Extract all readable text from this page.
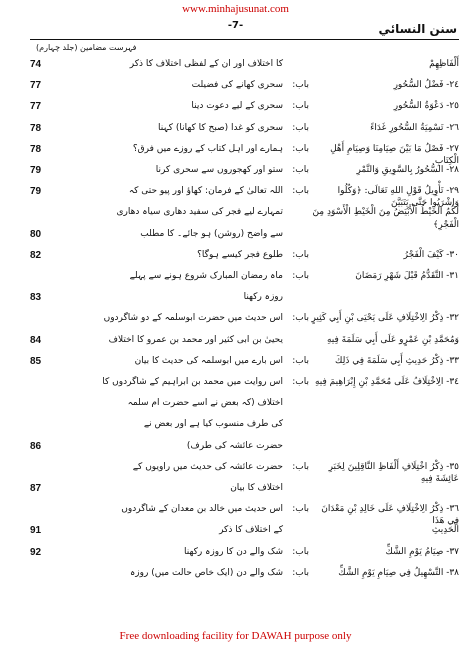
www.minhajusunat.com
-7-	سنن النسائي
فہرست مضامین (جلد چہارم)
أَلْفَاظِهِمْ
کا اختلاف اور ان کے لفظی اختلاف کا ذکر
74
٢٤- فَضْلُ السُّحُورِ
باب:
سحری کھانے کی فضیلت
77
٢٥- دَعْوَةُ السُّحُورِ
باب:
سحری کے لیے دعوت دینا
77
٢٦- تَسْمِيَةُ السُّحُورِ غَدَاءً
باب:
سحری کو غدا (صبح کا کھانا) کہنا
78
٢٧- فَصْلُ مَا بَيْنَ صِيَامِنَا وَصِيَامِ أَهْلِ الْكِتَابِ
باب:
ہمارے اور اہل کتاب کے روزے میں فرق؟
78
٢٨- السُّحُورُ بِالسَّوِيقِ وَالتَّمْرِ
باب:
ستو اور کھجوروں سے سحری کرنا
79
٢٩- تَأْوِيلُ قَوْلِ اللهِ تَعَالَى: ﴿وَكُلُوا وَاشْرَبُوا حَتَّى يَتَبَيَّنَ
باب:
اللہ تعالیٰ کے فرمان: کھاؤ اور پیو حتی کہ
79
لَكُمُ الْخَيْطُ الْأَبْيَضُ مِنَ الْخَيْطِ الْأَسْوَدِ مِنَ الْفَجْرِ﴾
تمہارے لیے فجر کی سفید دھاری سیاہ دھاری
سے واضح (روشن) ہو جائے۔ کا مطلب
80
٣٠- كَيْفَ الْفَجْرُ
باب:
طلوع فجر کیسے ہوگا؟
82
٣١- التَّقَدُّمُ قَبْلَ شَهْرِ رَمَضَانَ
باب:
ماہ رمضان المبارک شروع ہونے سے پہلے
روزہ رکھنا
83
٣٢- ذِكْرُ الِاخْتِلَافِ عَلَى يَحْيَى بْنِ أَبِي كَثِيرٍ
باب:
اس حدیث میں حضرت ابوسلمہ کے دو شاگردوں
وَمُحَمَّدِ بْنِ عَمْرٍو عَلَى أَبِي سَلَمَةَ فِيهِ
یحییٰ بن ابی کثیر اور محمد بن عمرو کا اختلاف
84
٣٣- ذِكْرُ حَدِيثِ أَبِي سَلَمَةَ فِي ذَلِكَ
باب:
اس بارے میں ابوسلمہ کی حدیث کا بیان
85
٣٤- الِاخْتِلَافُ عَلَى مُحَمَّدِ بْنِ إِبْرَاهِيمَ فِيهِ
باب:
اس روایت میں محمد بن ابراہیم کے شاگردوں کا
اختلاف (کہ بعض نے اسے حضرت ام سلمہ
کی طرف منسوب کیا ہے اور بعض نے
حضرت عائشہ کی طرف)
86
٣٥- ذِكْرُ اخْتِلَافِ أَلْفَاظِ النَّاقِلِينَ لِخَبَرِ عَائِشَةَ فِيهِ
باب:
حضرت عائشہ کی حدیث میں راویوں کے
اختلاف کا بیان
87
٣٦- ذِكْرُ الِاخْتِلَافِ عَلَى خَالِدِ بْنِ مَعْدَانَ فِي هَذَا
باب:
اس حدیث میں خالد بن معدان کے شاگردوں
الْحَدِيثِ
کے اختلاف کا ذکر
91
٣٧- صِيَامُ يَوْمِ الشَّكِّ
باب:
شک والے دن کا روزہ رکھنا
92
٣٨- التَّسْهِيلُ فِي صِيَامِ يَوْمِ الشَّكِّ
باب:
شک والے دن (ایک خاص حالت میں) روزہ
Free downloading facility for DAWAH purpose only
